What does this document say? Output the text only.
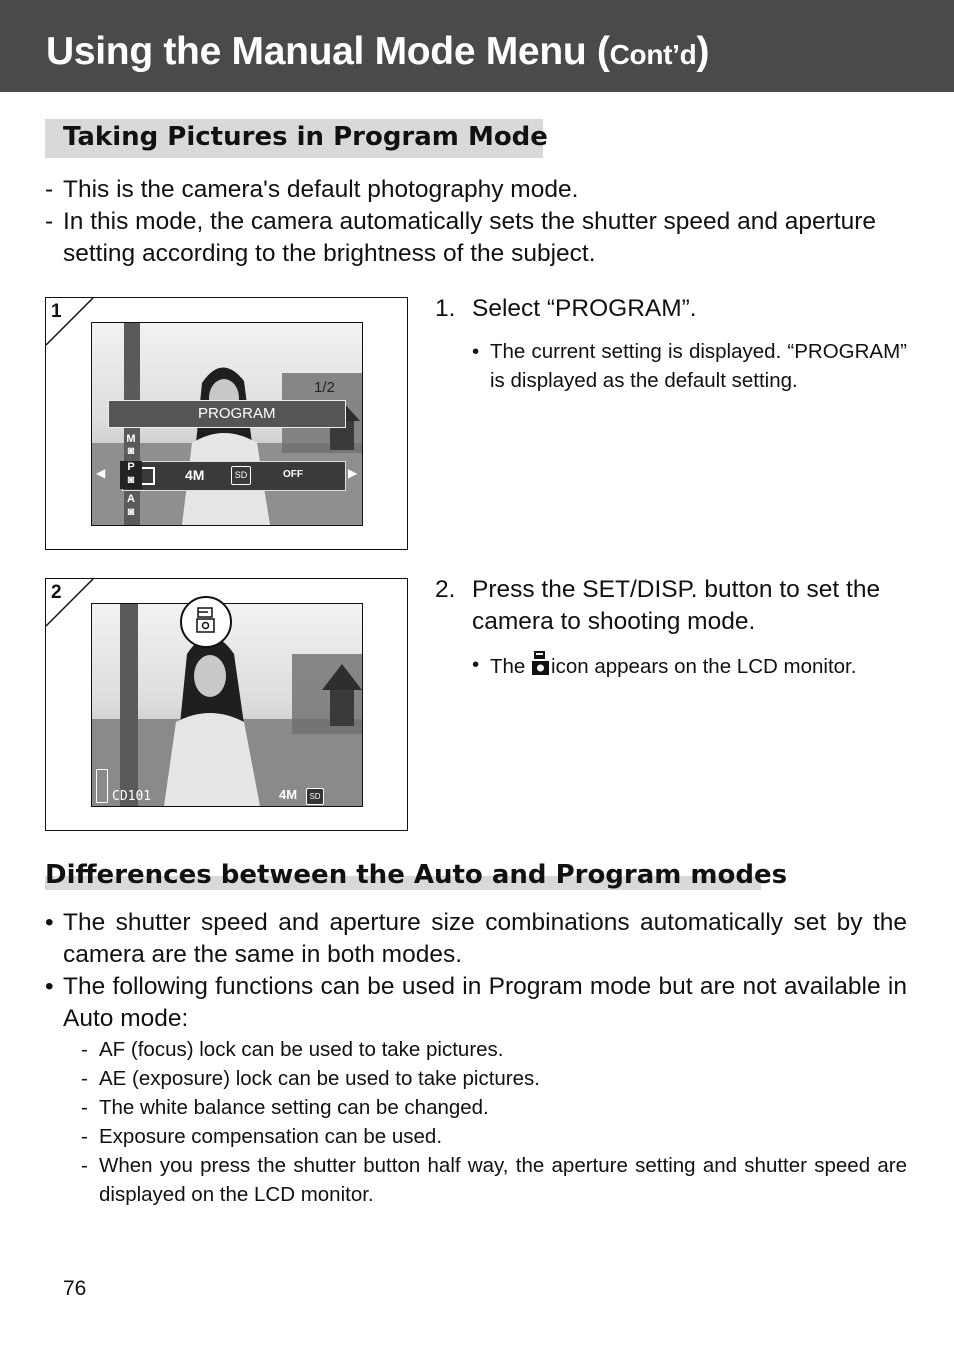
Using the Manual Mode Menu (Cont’d)
Taking Pictures in Program Mode
- This is the camera's default photography mode.
- In this mode, the camera automatically sets the shutter speed and aperture setting according to the brightness of the subject.
1
PROGRAM
1/2
4M	SD	OFF
◀	▶
M
◙
P
◙
A
◙
1. Select “PROGRAM”.
• The current setting is displayed. “PROGRAM” is displayed as the default setting.
2
CD101	4M	SD
2. Press the SET/DISP. button to set the camera to shooting mode.
• The icon appears on the LCD monitor.
Differences between the Auto and Program modes
• The shutter speed and aperture size combinations automatically set by the camera are the same in both modes.
• The following functions can be used in Program mode but are not available in Auto mode:
- AF (focus) lock can be used to take pictures.
- AE (exposure) lock can be used to take pictures.
- The white balance setting can be changed.
- Exposure compensation can be used.
- When you press the shutter button half way, the aperture setting and shutter speed are displayed on the LCD monitor.
76
